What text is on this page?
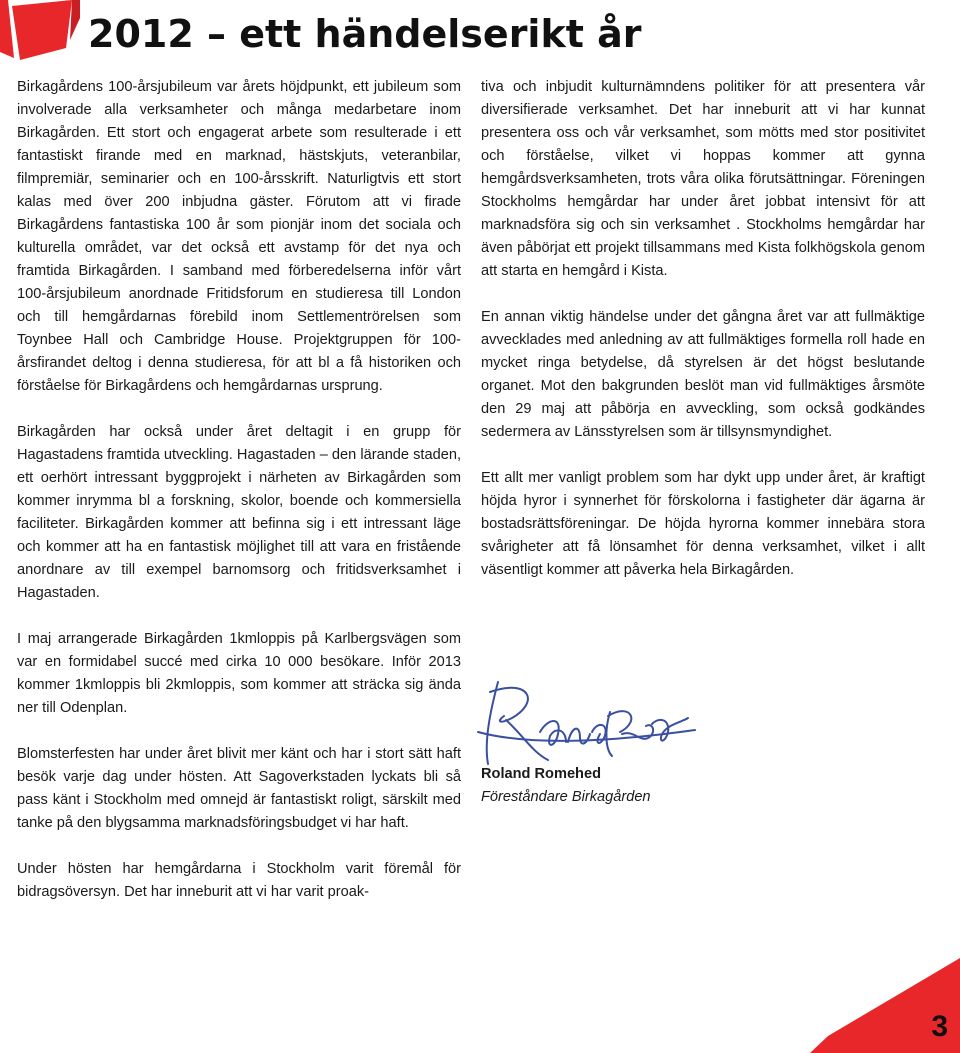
2012 – ett händelserikt år

Birkagårdens 100-årsjubileum var årets höjdpunkt, ett jubileum som involverade alla verksamheter och många medarbetare inom Birkagården. Ett stort och engagerat arbete som resulterade i ett fantastiskt firande med en marknad, hästskjuts, veteranbilar, filmpremiär, seminarier och en 100-årsskrift. Naturligtvis ett stort kalas med över 200 inbjudna gäster. Förutom att vi firade Birkagårdens fantastiska 100 år som pionjär inom det sociala och kulturella området, var det också ett avstamp för det nya och framtida Birkagården. I samband med förberedelserna inför vårt 100-årsjubileum anordnade Fritidsforum en studieresa till London och till hemgårdarnas förebild inom Settlementrörelsen som Toynbee Hall och Cambridge House. Projektgruppen för 100-årsfirandet deltog i denna studieresa, för att bl a få historiken och förståelse för Birkagårdens och hemgårdarnas ursprung.

Birkagården har också under året deltagit i en grupp för Hagastadens framtida utveckling. Hagastaden – den lärande staden, ett oerhört intressant byggprojekt i närheten av Birkagården som kommer inrymma bl a forskning, skolor, boende och kommersiella faciliteter. Birkagården kommer att befinna sig i ett intressant läge och kommer att ha en fantastisk möjlighet till att vara en fristående anordnare av till exempel barnomsorg och fritidsverksamhet i Hagastaden.

I maj arrangerade Birkagården 1kmloppis på Karlbergsvägen som var en formidabel succé med cirka 10 000 besökare. Inför 2013 kommer 1kmloppis bli 2kmloppis, som kommer att sträcka sig ända ner till Odenplan.

Blomsterfesten har under året blivit mer känt och har i stort sätt haft besök varje dag under hösten. Att Sagoverkstaden lyckats bli så pass känt i Stockholm med omnejd är fantastiskt roligt, särskilt med tanke på den blygsamma marknadsföringsbudget vi har haft.

Under hösten har hemgårdarna i Stockholm varit föremål för bidragsöversyn. Det har inneburit att vi har varit proak-

tiva och inbjudit kulturnämndens politiker för att presentera vår diversifierade verksamhet. Det har inneburit att vi har kunnat presentera oss och vår verksamhet, som mötts med stor positivitet och förståelse, vilket vi hoppas kommer att gynna hemgårdsverksamheten, trots våra olika förutsättningar. Föreningen Stockholms hemgårdar har under året jobbat intensivt för att marknadsföra sig och sin verksamhet . Stockholms hemgårdar har även påbörjat ett projekt tillsammans med Kista folkhögskola genom att starta en hemgård i Kista.

En annan viktig händelse under det gångna året var att fullmäktige avvecklades med anledning av att fullmäktiges formella roll hade en mycket ringa betydelse, då styrelsen är det högst beslutande organet. Mot den bakgrunden beslöt man vid fullmäktiges årsmöte den 29 maj att påbörja en avveckling, som också godkändes sedermera av Länsstyrelsen som är tillsynsmyndighet.

Ett allt mer vanligt problem som har dykt upp under året, är kraftigt höjda hyror i synnerhet för förskolorna i fastigheter där ägarna är bostadsrättsföreningar. De höjda hyrorna kommer innebära stora svårigheter att få lönsamhet för denna verksamhet, vilket i allt väsentligt kommer att påverka hela Birkagården.

Roland Romehed
Föreståndare Birkagården
3
